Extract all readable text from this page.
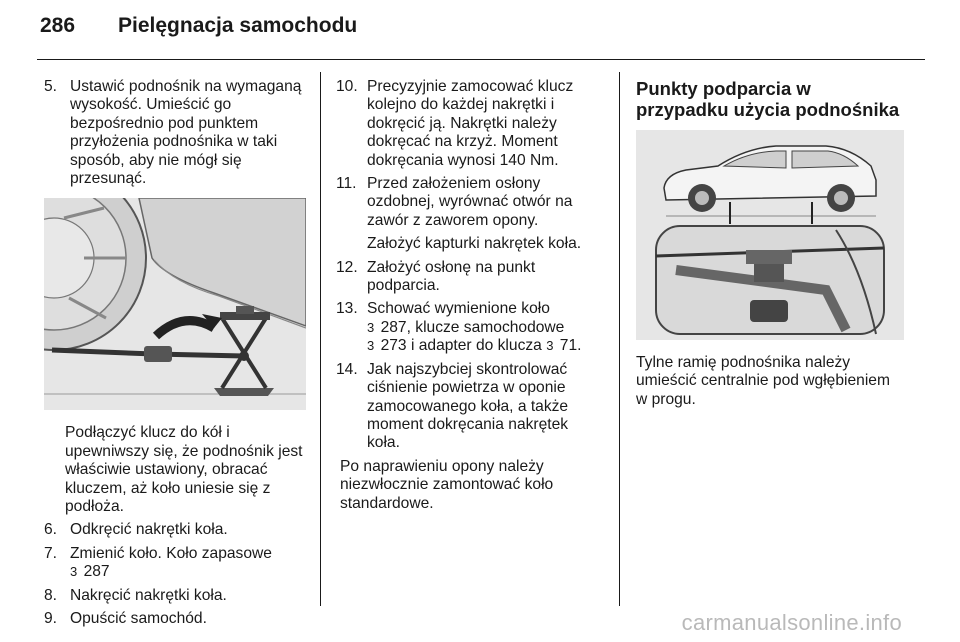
286	Pielęgnacja samochodu
5. Ustawić podnośnik na wymaganą wysokość. Umieścić go bezpośrednio pod punktem przyłożenia podnośnika w taki sposób, aby nie mógł się przesunąć.
Podłączyć klucz do kół i upewniwszy się, że podnośnik jest właściwie ustawiony, obracać kluczem, aż koło uniesie się z podłoża.
6. Odkręcić nakrętki koła.
7. Zmienić koło. Koło zapasowe
3 287
8. Nakręcić nakrętki koła.
9. Opuścić samochód.
10. Precyzyjnie zamocować klucz kolejno do każdej nakrętki i dokręcić ją. Nakrętki należy dokręcać na krzyż. Moment dokręcania wynosi 140 Nm.
11. Przed założeniem osłony ozdobnej, wyrównać otwór na zawór z zaworem opony.
Założyć kapturki nakrętek koła.
12. Założyć osłonę na punkt podparcia.
13. Schować wymienione koło
3 287, klucze samochodowe
3 273 i adapter do klucza 3 71.
14. Jak najszybciej skontrolować ciśnienie powietrza w oponie zamocowanego koła, a także moment dokręcania nakrętek koła.
Po naprawieniu opony należy niezwłocznie zamontować koło standardowe.
Punkty podparcia w przypadku użycia podnośnika
Tylne ramię podnośnika należy umieścić centralnie pod wgłębieniem w progu.
carmanualsonline.info
